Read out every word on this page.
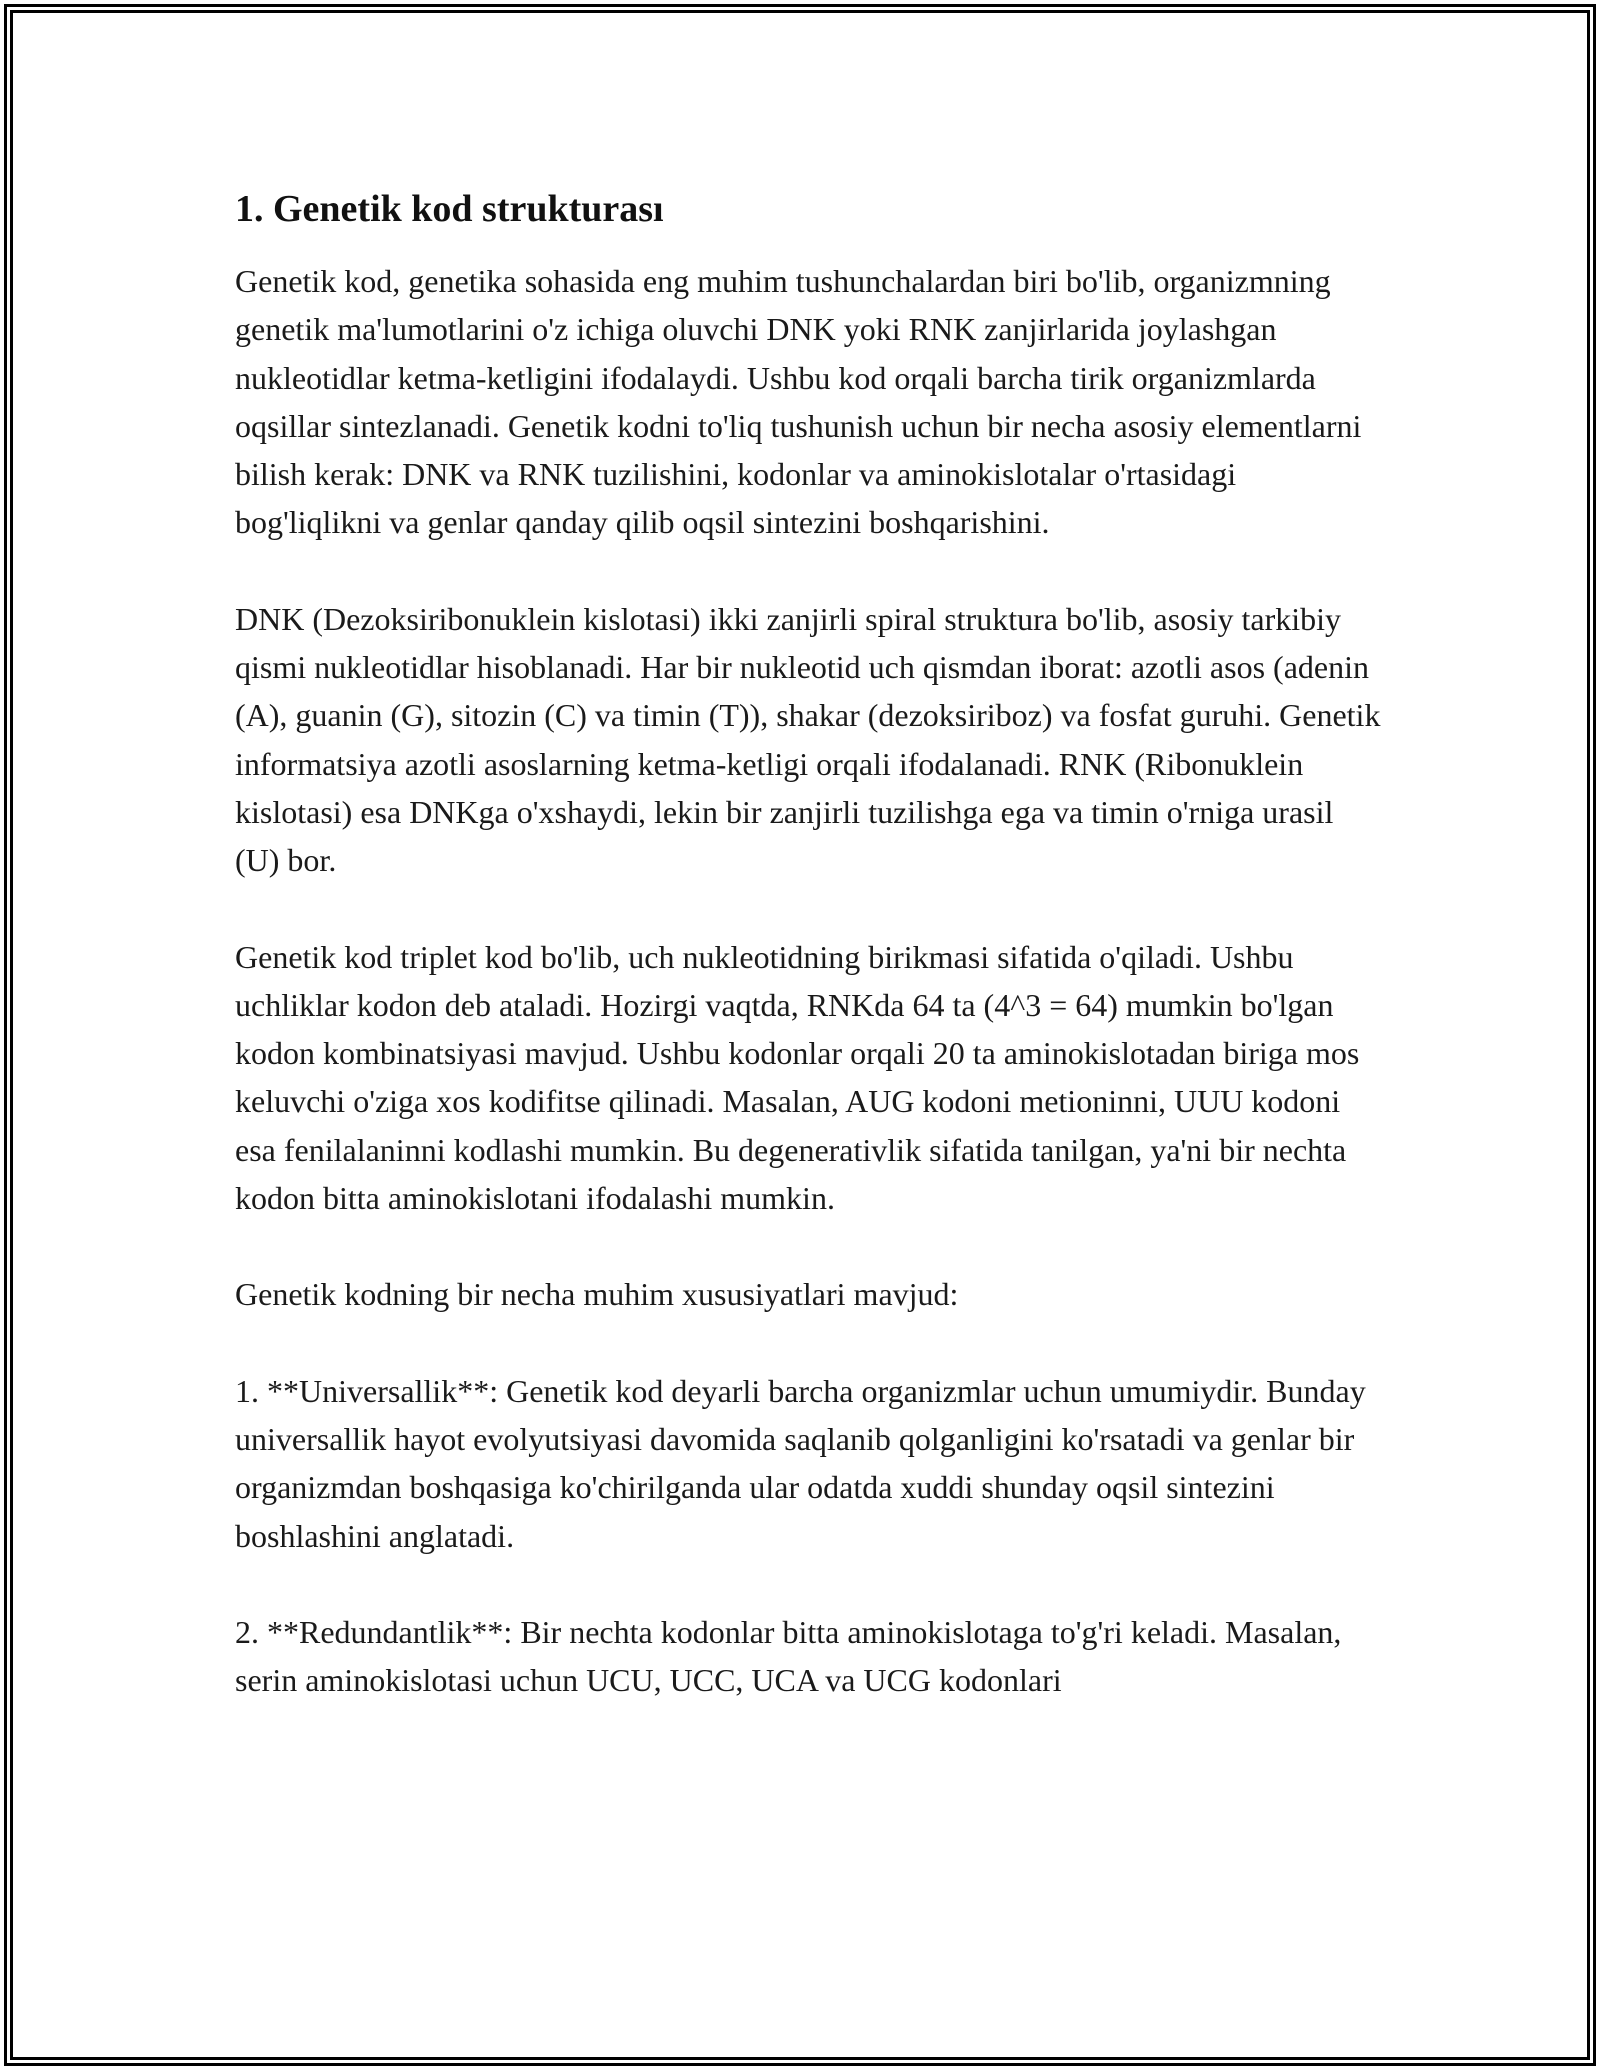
1. Genetik kod strukturası

Genetik kod, genetika sohasida eng muhim tushunchalardan biri bo'lib, organizmning genetik ma'lumotlarini o'z ichiga oluvchi DNK yoki RNK zanjirlarida joylashgan nukleotidlar ketma-ketligini ifodalaydi. Ushbu kod orqali barcha tirik organizmlarda oqsillar sintezlanadi. Genetik kodni to'liq tushunish uchun bir necha asosiy elementlarni bilish kerak: DNK va RNK tuzilishini, kodonlar va aminokislotalar o'rtasidagi bog'liqlikni va genlar qanday qilib oqsil sintezini boshqarishini.

DNK (Dezoksiribonuklein kislotasi) ikki zanjirli spiral struktura bo'lib, asosiy tarkibiy qismi nukleotidlar hisoblanadi. Har bir nukleotid uch qismdan iborat: azotli asos (adenin (A), guanin (G), sitozin (C) va timin (T)), shakar (dezoksiriboz) va fosfat guruhi. Genetik informatsiya azotli asoslarning ketma-ketligi orqali ifodalanadi. RNK (Ribonuklein kislotasi) esa DNKga o'xshaydi, lekin bir zanjirli tuzilishga ega va timin o'rniga urasil (U) bor.

Genetik kod triplet kod bo'lib, uch nukleotidning birikmasi sifatida o'qiladi. Ushbu uchliklar kodon deb ataladi. Hozirgi vaqtda, RNKda 64 ta (4^3 = 64) mumkin bo'lgan kodon kombinatsiyasi mavjud. Ushbu kodonlar orqali 20 ta aminokislotadan biriga mos keluvchi o'ziga xos kodifitse qilinadi. Masalan, AUG kodoni metioninni, UUU kodoni esa fenilalaninni kodlashi mumkin. Bu degenerativlik sifatida tanilgan, ya'ni bir nechta kodon bitta aminokislotani ifodalashi mumkin.

Genetik kodning bir necha muhim xususiyatlari mavjud:

1. **Universallik**: Genetik kod deyarli barcha organizmlar uchun umumiydir. Bunday universallik hayot evolyutsiyasi davomida saqlanib qolganligini ko'rsatadi va genlar bir organizmdan boshqasiga ko'chirilganda ular odatda xuddi shunday oqsil sintezini boshlashini anglatadi.

2. **Redundantlik**: Bir nechta kodonlar bitta aminokislotaga to'g'ri keladi. Masalan, serin aminokislotasi uchun UCU, UCC, UCA va UCG kodonlari
